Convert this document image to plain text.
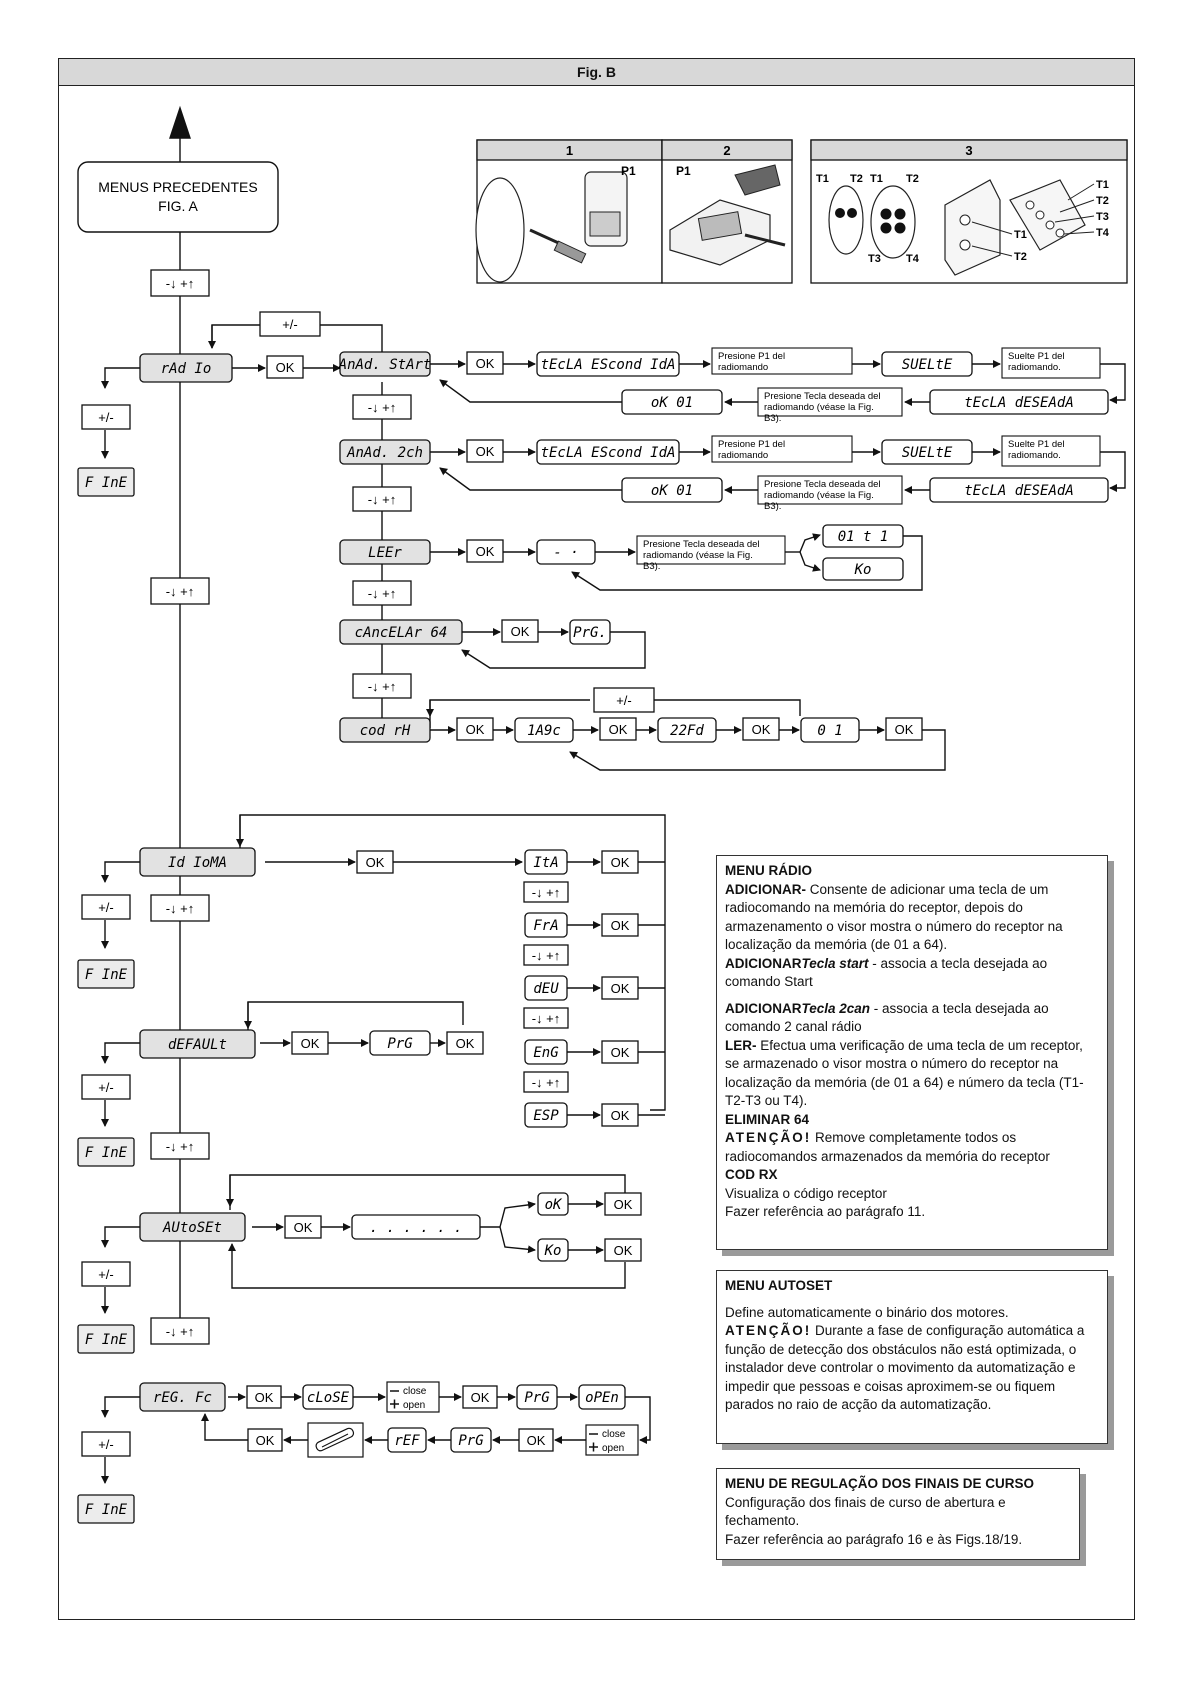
Fig. B
MENUS PRECEDENTES
FIG. A
-↓ +↑
-↓ +↑
-↓ +↑
-↓ +↑
-↓ +↑
+/-
rAd Io	OK
+/-
F InE
AnAd. StArt	OK	tEcLA EScond IdA
Presione P1 del radiomando	SUELtE
Suelte P1 del radiomando.
tEcLA dESEAdA
Presione Tecla deseada del radiomando (véase la Fig. B3).
oK 01
-↓ +↑
AnAd. 2ch	OK	tEcLA EScond IdA
Presione P1 del radiomando	SUELtE
Suelte P1 del radiomando.
tEcLA dESEAdA
Presione Tecla deseada del radiomando (véase la Fig. B3).
oK 01
-↓ +↑
LEEr	OK	- ·
Presione Tecla deseada del radiomando (véase la Fig. B3).
01 t 1
Ko
-↓ +↑
cAncELAr 64	OK	PrG.
-↓ +↑
+/-
cod rH	OK	1A9c	OK	22Fd	OK	0 1	OK
Id IoMA	OK
+/-
F InE
ItA	OK
-↓ +↑
FrA	OK
-↓ +↑
dEU	OK
-↓ +↑
EnG	OK
-↓ +↑
ESP	OK
dEFAULt	OK	PrG	OK
+/-
F InE
AUtoSEt	OK	. . . . . .
oK
Ko
OK
OK
+/-
F InE
rEG. Fc	OK cLoSE	close
open
OK PrG	oPEn
close
open
OK
PrG
rEF
OK
+/-
F InE
1	2	3
P1	P1
T1 T2 T1 T2
T3 T4
T1
T2
T3
T4
T1
T2
MENU RÁDIO
ADICIONAR- Consente de adicionar uma tecla de um radiocomando na memória do receptor, depois do armazenamento o visor mostra o número do receptor na localização da memória (de 01 a 64).
ADICIONARTecla start - associa a tecla desejada ao comando Start
ADICIONARTecla 2can - associa a tecla desejada ao comando 2 canal rádio
LER- Efectua uma verificação de uma tecla de um receptor, se armazenado o visor mostra o número do receptor na localização da memória (de 01 a 64) e número da tecla (T1-T2-T3 ou T4).
ELIMINAR 64
ATENÇÃO! Remove completamente todos os radiocomandos armazenados da memória do receptor
COD RX
Visualiza o código receptor
Fazer referência ao parágrafo 11.
MENU AUTOSET
Define automaticamente o binário dos motores.
ATENÇÃO! Durante a fase de configuração automática a função de detecção dos obstáculos não está optimizada, o instalador deve controlar o movimento da automatização e impedir que pessoas e coisas aproximem-se ou fiquem parados no raio de acção da automatização.
MENU DE REGULAÇÃO DOS FINAIS DE CURSO
Configuração dos finais de curso de abertura e fechamento.
Fazer referência ao parágrafo 16 e às Figs.18/19.
